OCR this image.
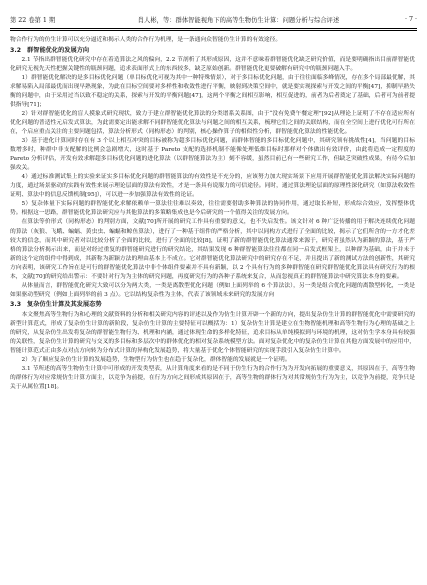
第 22 卷第 1 期	肖人彬，等：群体智能视角下的高等生物仿生计算：问题分析与综合评述	· 7 ·

物合作行为的仿生计算可以充分逼近和揭示人类的合作行为机理，是一条通向众智能仿生计算的有效途径。

3.2 群智能优化的发展方向

2.1 节指出群智能优化研究中存在着造算法之风的偏向，2.2 节剖析了其形成原因，这并不意味着群智能优化缺乏研究价值，而是要明确指出目前群智能优化研究无视先天性把握关键性的瓶颈问题，追求表面形式上的东西较多，缺乏原始创新。群智能优化更要破解有研究中的瓶颈问题入手。

1）群智能优化解决的是多目标优化问题（单目标优化可视为其中一种特殊情景），对于多目标优化问题，由于往往面临多峰情况，存在多个局部最优解，其求解易陷入局部最优而出现早熟现象，为此在目标空间要对多样性和收敛性进行平衡，映射到决策空间中，就是要实现探索与开发之间的平衡[47]，抑制早熟失衡的问题中，由于采用过当以致不稳定的关系，探索与开发的平衡问题[47]，这两个平衡之间相互影响，相互促进的，前者为后者奠定了基础，后者可为前者提供指导[71]；

2）针对群智能优化的盲人摸象式研究现状，致力于建立群智能优化算法的分类谱系关系图，由于“没有免费午餐定理”[92]从理论上证明了不存在适应所有优化问题的普适性元启发式算法，为此需要定出能求解不同群智能优化算法与问题之间的相互关系，梳理它们之间的关联结构，而在全空间上进行优化可行所在在，个启应重点关注的主要问题包括，算法分析形式（同构形态）的判别，核心操作算子的相似性分析，群智能优化算法的性能优化。

3）基于进化计算同时存在有 3 个以上相互冲突的目标被称为超多目标优化问题，而群体智能的多目标优化问题中，其研究领有挑战性[4]，当问题的目标数增多时，种群中非支配解的比例会急剧增大，这时基于 Pareto 支配的选择机制不能像处理低维目标时那样对个体做出有效评价，由此将造成一定程度的 Pareto 分析评估，开发有效求解超多目标优化问题的进化算法（以群智能算法为主）刻不容缓，虽然目前已有一些研究工作，但缺乏突破性成果，有待今后加强攻关。

4）通过标准测试集上的实验来证实多目标优化问题的群智能算法的有效性是不充分的，应该努力加大现实场景下应用开展群智能优化算法解决实际问题的力度，通过场景驱动的实践有效性来展示理论层面的算法有效性，才是一条具有说服力的可信途径。同时，通过算法理论层面的原理性深化研究（如算法收敛性证明、算法中的信息反馈机制[95]），可以进一步加强算法有效性的论证。

5）复杂体量下实际问题的群智能优化求解依赖单一算法往往难以奏效，往往需要借助多种算法的协同作用，通过取长补短，形成综合效应，发挥整体优势。根据这一思路，群智能优化算法研究应与其他算法的多策略集成也是今后研究的一个值得关注的发展方向。

在算法等价形式（同构形态）的判别方面，文献[70]所开展的研究工作具有重要的意义，也不失启发性。该文针对 6 种广泛传播的用于解决连续优化问题的算法（灰狼、飞蛾、蝙蝠、黄虫虫、蝙蝠和鲸鱼算法），进行了一种基于组件的严格分析，其中以同构方式进行了全面的比较，揭示了它们所含的一方才化差较大的信念，而其中研究者对以比较分析了全面的比较，进行了全面的比较[8]，证明了新的群智能优化算法通常来源于，研究者虽然认为新颖的算法，基于严格的算法分析揭示出来，而是对经过重复的群智能研究进行的研究结论，其结果发现 6 种群智能算法往往都在同一启发式框架上，以种群为基础，由于并未于新的这个定的组件中得到成，其新称为新颖方法的理由基本上不成立。它对群智能优化算法研究中的研究存在不足，并且提出了新的测试方法的创新性，其研究方向表明，该研究工作旨在是可行的群智能优化算法中非个体组件要素并不具有新颖，以 2 个具有行为的多种群智能在研究群智能优化算法具有研究行为的根本，文献[70]的研究给出警示：不要针对行为为主体的研究问题，再度研究行为的各种子系统来复合，从而忽视真正的群智能算法中研究算法本身的要素。

从体量而言，群智能优化研究大致可以分为两大类，一类是离散型优化问题（例如上面列举的 6 个算法法），另一类是组合优化问题的离散型转化，一类是如果驱动型研究（例如上面列举的前 3 点）。它以结构复杂性为主体，代表了该领域未来研究的发展方向

3.3 复杂仿生计算及其发展态势

本文聚焦高等生物行为和心理的文献资料的分析和相关研究内容的评述以及作为仿生计算开辟一个新的方向，提出复杂仿生计算的群智能优化中需要研究的新型计算范式，形成了复杂仿生计算的新阶段，复杂仿生计算的主要特征可以概括为：1）复杂仿生计算是建立在生物智能机理和高等生物行为心理的基础之上的研究，从复杂仿生出发将复杂的群智能生物行为、机理和内涵，通过体现生命的多样化特征，追求目标从单纯模拟到与环境的机理，这对仿生学本身具有较强的关联性，复杂仿生计算的研究与交叉的多目标和多层次中的群体优化的相对复杂系统模型方法。面对复杂优化中的复杂仿生计算在其他方面发展中的应用中，智能计算范式正由多点对点方向转为分布式计算的异构化发展趋势，将大量基于优化个体智能研究的实现手段引入复杂仿生计算中。

2）为了顺应复杂仿生计算的发展趋势，生物型行为仿生也在趋于复杂化，群体智能的发展就是一个证明。

3.1 节所述的高等生物仿生计算中可形成的开发类型表，从计算角度来看的是不同于仿生行为的合作行为为开发向拓展的重要意义，其原因在于，高等生物的群体行为对应常规仿生计算方面主，以竞争为前提，在行为方向之间形成其原因在于，高等生物的群体行为对其常规仿生行为为主，以竞争为前提，竞争只是关于从属位置[18]。
